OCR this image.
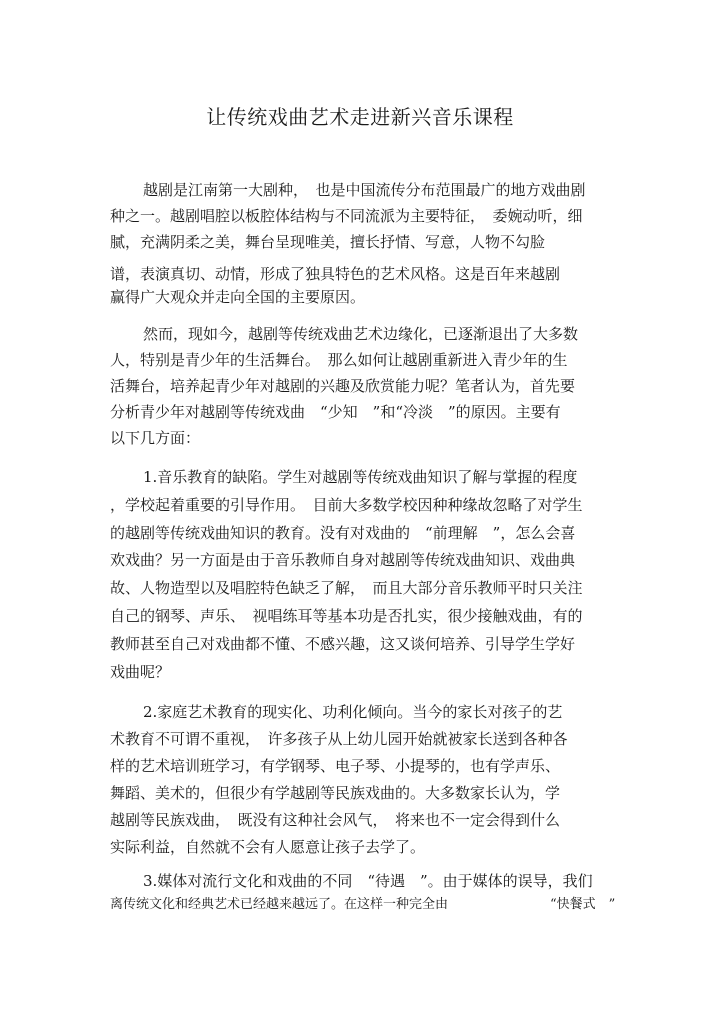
让传统戏曲艺术走进新兴音乐课程
越剧是江南第一大剧种，　也是中国流传分布范围最广的地方戏曲剧
种之一。越剧唱腔以板腔体结构与不同流派为主要特征，　委婉动听，细
腻，充满阴柔之美，舞台呈现唯美，擅长抒情、写意，人物不勾脸
谱，表演真切、动情，形成了独具特色的艺术风格。这是百年来越剧
赢得广大观众并走向全国的主要原因。
然而，现如今，越剧等传统戏曲艺术边缘化，已逐渐退出了大多数
人，特别是青少年的生活舞台。　那么如何让越剧重新进入青少年的生
活舞台，培养起青少年对越剧的兴趣及欣赏能力呢？笔者认为，首先要
分析青少年对越剧等传统戏曲　“少知　”和“冷淡　”的原因。主要有
以下几方面：
1.音乐教育的缺陷。学生对越剧等传统戏曲知识了解与掌握的程度
，学校起着重要的引导作用。　目前大多数学校因种种缘故忽略了对学生
的越剧等传统戏曲知识的教育。没有对戏曲的　“前理解　”，怎么会喜
欢戏曲？另一方面是由于音乐教师自身对越剧等传统戏曲知识、戏曲典
故、人物造型以及唱腔特色缺乏了解，　而且大部分音乐教师平时只关注
自己的钢琴、声乐、　视唱练耳等基本功是否扎实，很少接触戏曲，有的
教师甚至自己对戏曲都不懂、不感兴趣，这又谈何培养、引导学生学好
戏曲呢？
2.家庭艺术教育的现实化、功利化倾向。当今的家长对孩子的艺
术教育不可谓不重视，　许多孩子从上幼儿园开始就被家长送到各种各
样的艺术培训班学习，有学钢琴、电子琴、小提琴的，也有学声乐、
舞蹈、美术的，但很少有学越剧等民族戏曲的。大多数家长认为，学
越剧等民族戏曲，　既没有这种社会风气，　将来也不一定会得到什么
实际利益，自然就不会有人愿意让孩子去学了。
3.媒体对流行文化和戏曲的不同　“待遇　”。由于媒体的误导，我们
离传统文化和经典艺术已经越来越远了。在这样一种完全由	“快餐式　”
